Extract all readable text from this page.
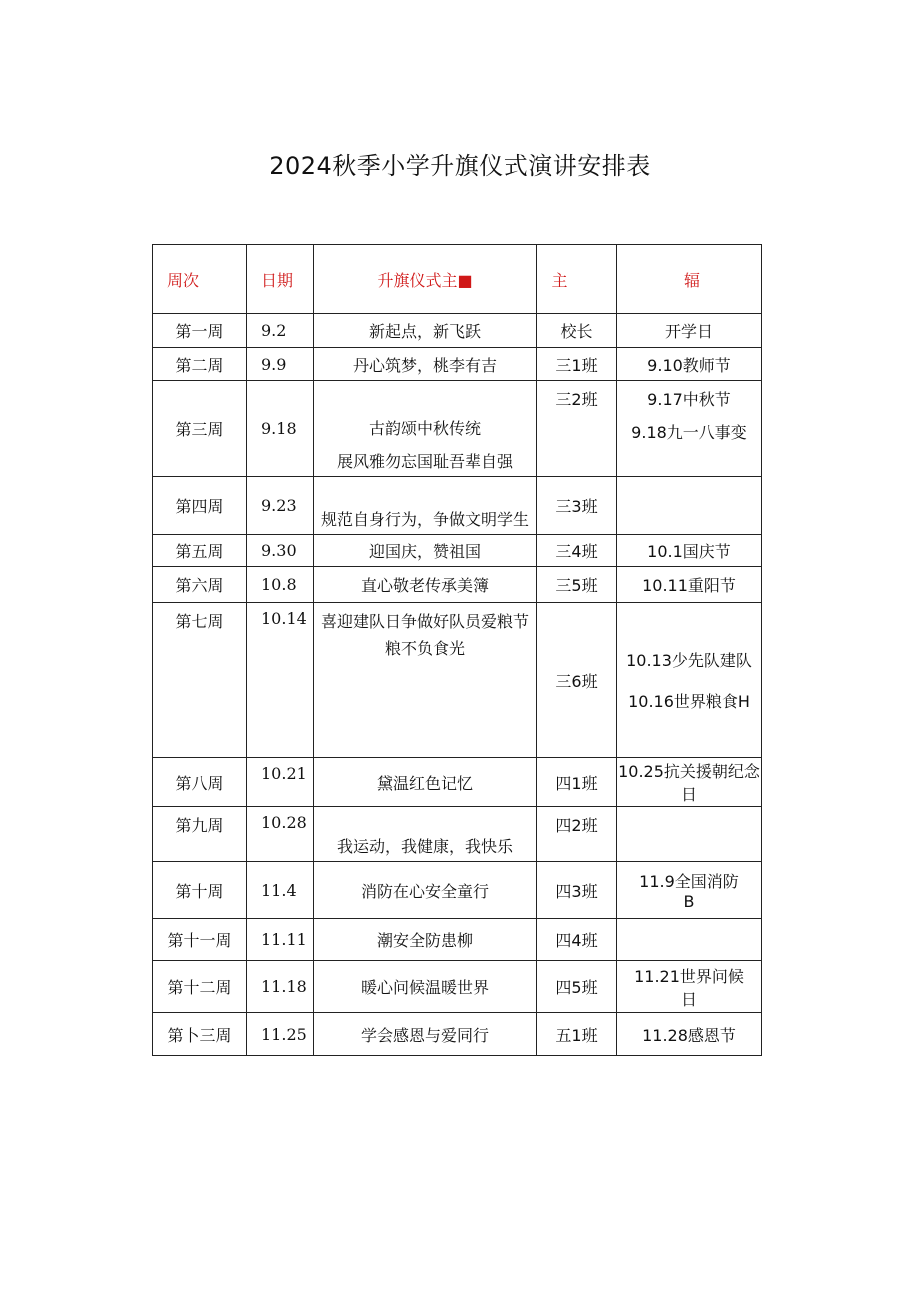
2024秋季小学升旗仪式演讲安排表
周次	日期	升旗仪式主■	主	辐
第一周	9.2	新起点，新飞跃	校长	开学日

第二周	9.9	丹心筑梦，桃李有吉	三1班	9.10教师节

第三周	9.18	古韵颂中秋传统
展风雅勿忘国耻吾辈自强	三2班	9.17中秋节
9.18九一八事变

第四周	9.23	规范自身行为，争做文明学生	三3班	
第五周	9.30	迎国庆，赞祖国	三4班	10.1国庆节

第六周	10.8	直心敬老传承美簿	三5班	10.11重阳节

第七周	10.14	喜迎建队日争做好队员爱粮节
粮不负食光	三6班	10.13少先队建队
10.16世界粮食H

第八周	10.21	黛温红色记忆	四1班	10.25抗关援朝纪念
日

第九周	10.28	我运动，我健康，我快乐	四2班	
第十周	11.4	消防在心安全童行	四3班	11.9全国消防
B

第十一周	11.11	潮安全防患柳	四4班	
第十二周	11.18	暖心问候温暖世界	四5班	11.21世界问候
日

第卜三周	11.25	学会感恩与爱同行	五1班	11.28感恩节
